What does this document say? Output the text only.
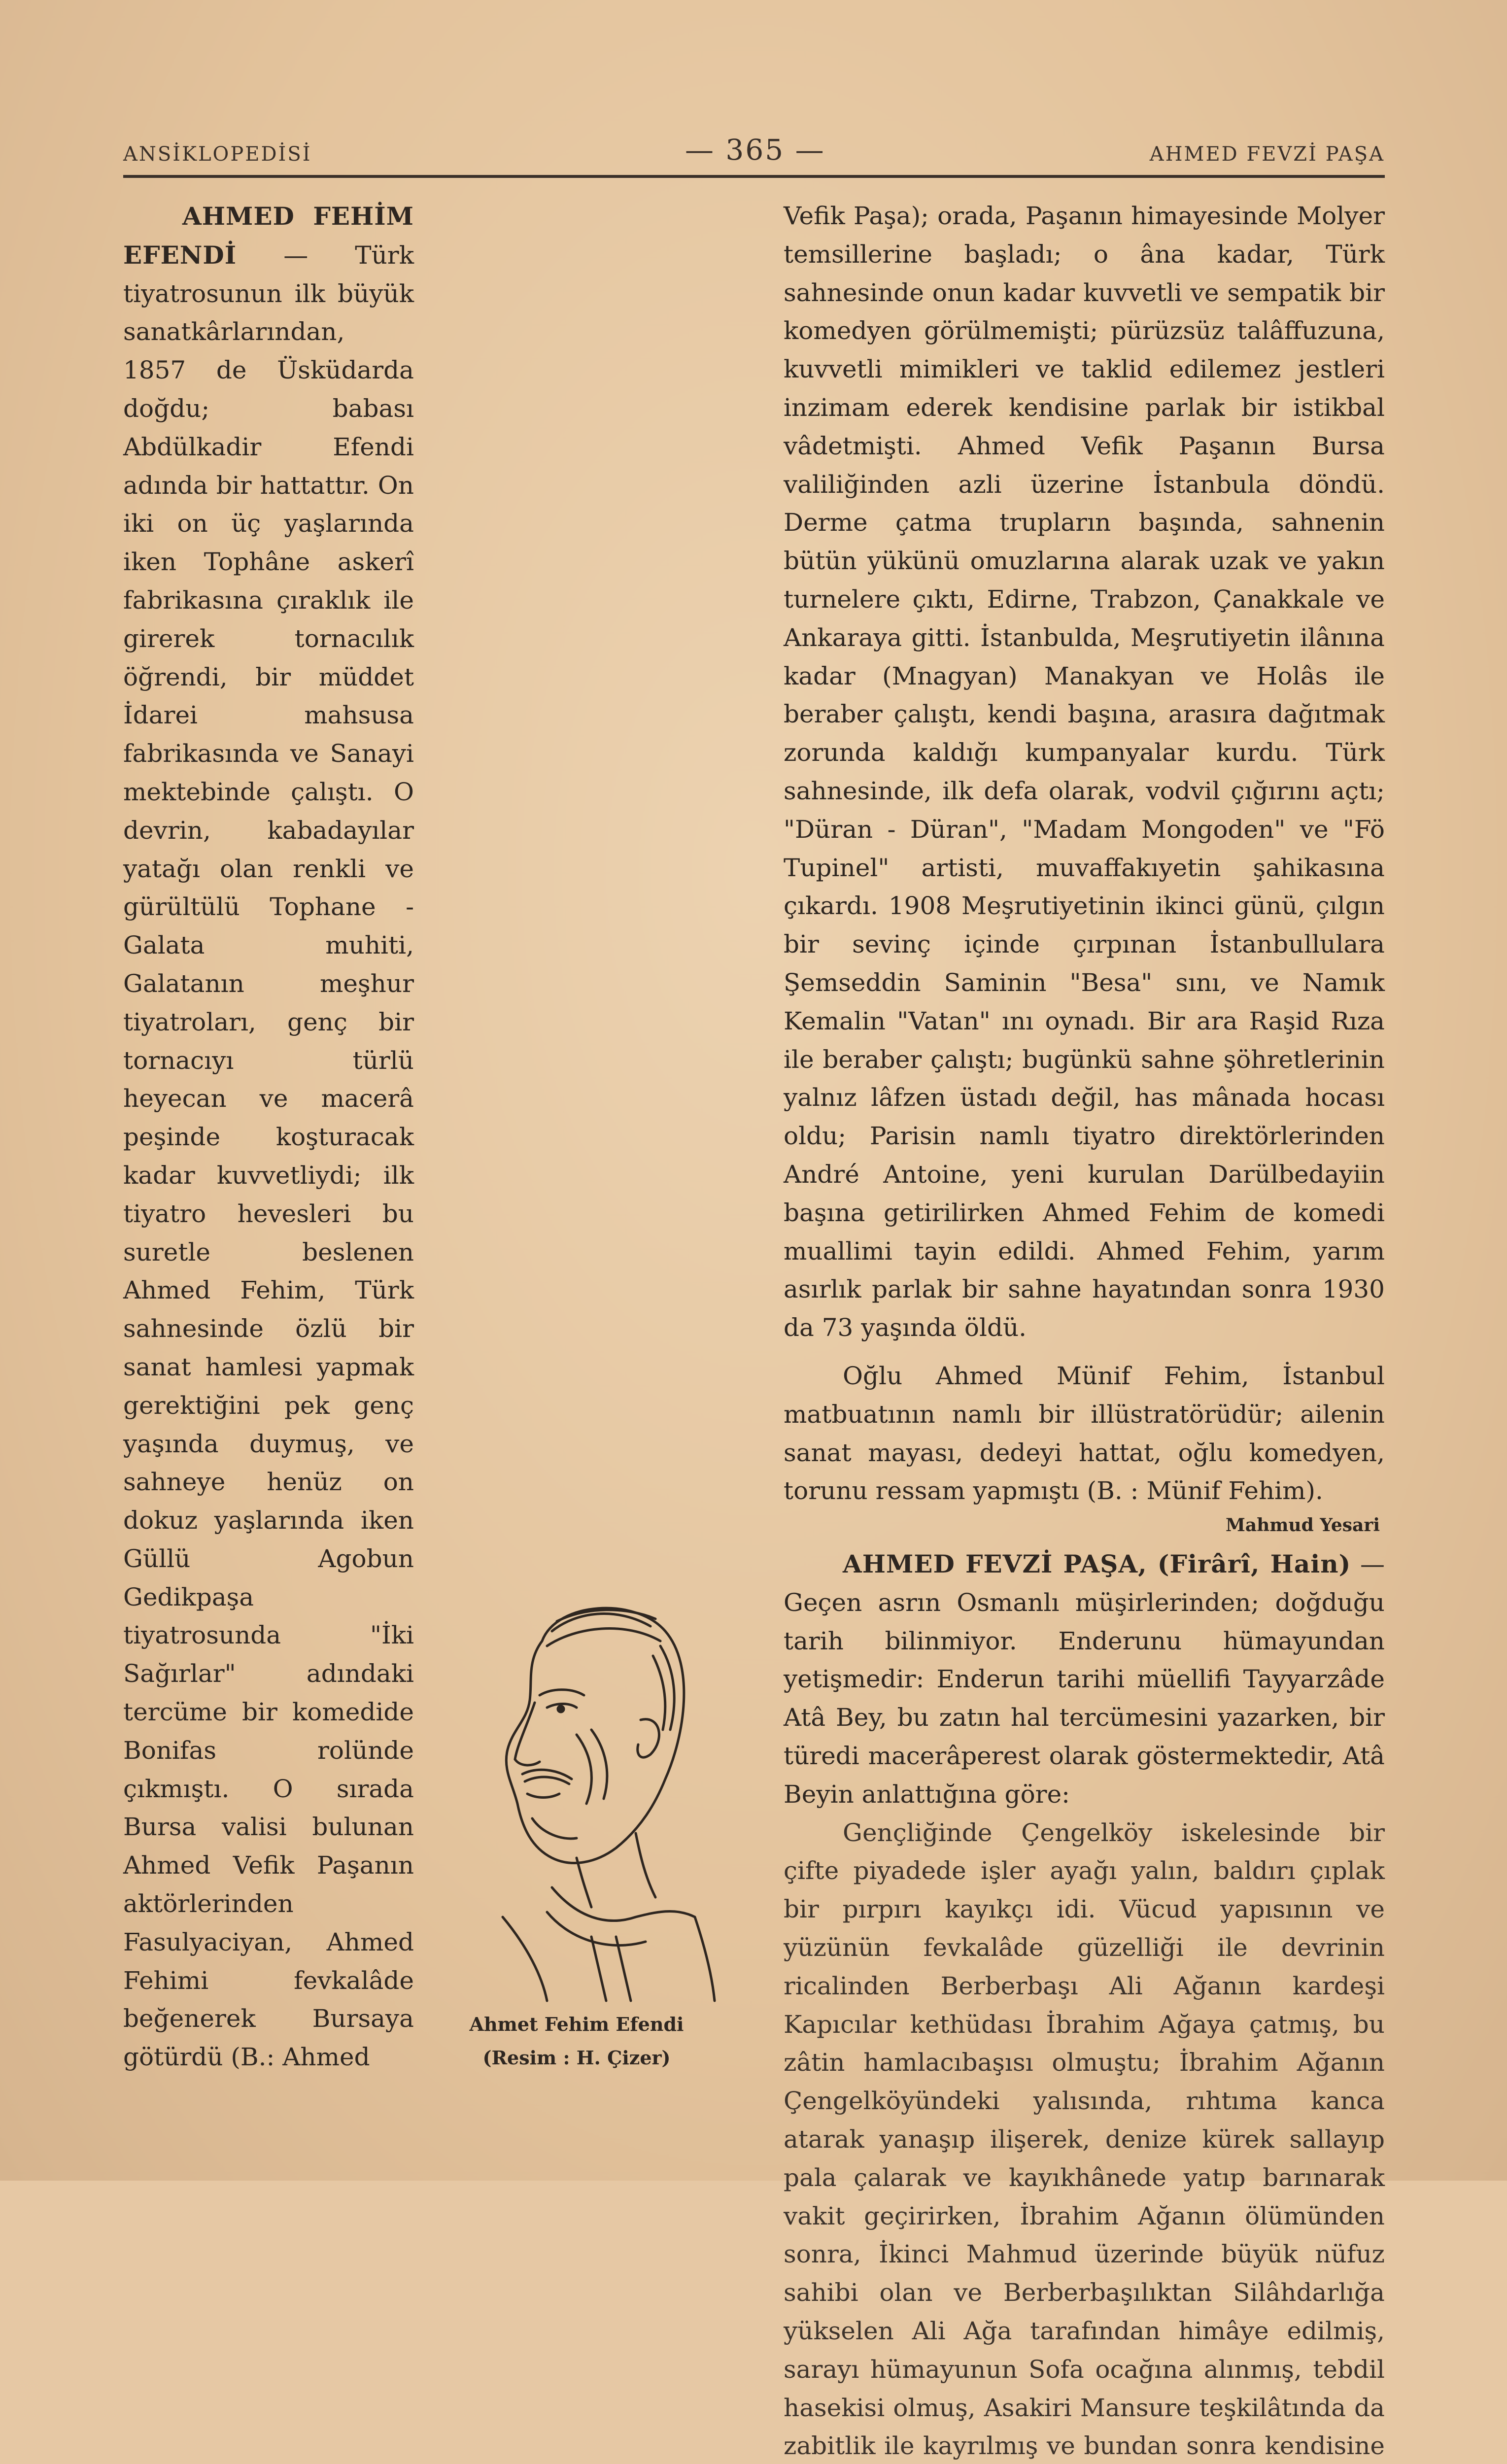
ANSİKLOPEDİSİ	— 365 —	AHMED FEVZİ PAŞA
Ahmet Fehim Efendi
(Resim : H. Çizer)

AHMED FEHİM EFENDİ — Türk tiyatrosunun ilk büyük sanatkârlarından, 1857 de Üsküdarda doğdu; babası Abdülkadir Efendi adında bir hattattır. On iki on üç yaşlarında iken Tophâne askerî fabrikasına çıraklık ile girerek tornacılık öğrendi, bir müddet İdarei mahsusa fabrikasında ve Sanayi mektebinde çalıştı. O devrin, kabadayılar yatağı olan renkli ve gürültülü Tophane - Galata muhiti, Galatanın meşhur tiyatroları, genç bir tornacıyı türlü heyecan ve macerâ peşinde koşturacak kadar kuvvetliydi; ilk tiyatro hevesleri bu suretle beslenen Ahmed Fehim, Türk sahnesinde özlü bir sanat hamlesi yapmak gerektiğini pek genç yaşında duymuş, ve sahneye henüz on dokuz yaşlarında iken Güllü Agobun Gedikpaşa tiyatrosunda "İki Sağırlar" adındaki tercüme bir komedide Bonifas rolünde çıkmıştı. O sırada Bursa valisi bulunan Ahmed Vefik Paşanın aktörlerinden Fasulyaciyan, Ahmed Fehimi fevkalâde beğenerek Bursaya götürdü (B.: Ahmed

Oğlu Ahmed Münif Fehim, İstanbul matbuatının namlı bir illüstratörüdür; ailenin sanat mayası, dedeyi hattat, oğlu komedyen, torunu ressam yapmıştı (B. : Münif Fehim).

Mahmud Yesari

AHMED FEVZİ PAŞA, (Firârî, Hain) — Geçen asrın Osmanlı müşirlerinden; doğduğu tarih bilinmiyor. Enderunu hümayundan yetişmedir: Enderun tarihi müellifi Tayyarzâde Atâ Bey, bu zatın hal tercümesini yazarken, bir türedi macerâperest olarak göstermektedir, Atâ Beyin anlattığına göre:

Gençliğinde Çengelköy iskelesinde bir çifte piyadede işler ayağı yalın, baldırı çıplak bir pırpırı kayıkçı idi. Vücud yapısının ve yüzünün fevkalâde güzelliği ile devrinin ricalinden Berberbaşı Ali Ağanın kardeşi Kapıcılar kethüdası İbrahim Ağaya çatmış, bu zâtin hamlacıbaşısı olmuştu; İbrahim Ağanın Çengelköyündeki yalısında, rıhtıma kanca atarak yanaşıp ilişerek, denize kürek sallayıp pala çalarak ve kayıkhânede yatıp barınarak vakit geçirirken, İbrahim Ağanın ölümünden sonra, İkinci Mahmud üzerinde büyük nüfuz sahibi olan ve Berberbaşılıktan Silâhdarlığa yükselen Ali Ağa tarafından himâye edilmiş, sarayı hümayunun Sofa ocağına alınmış, tebdil hasekisi olmuş, Asakiri Mansure teşkilâtında da zabitlik ile kayrılmış ve bundan sonra kendisine

Vefik Paşa); orada, Paşanın himayesinde Molyer temsillerine başladı; o âna kadar, Türk sahnesinde onun kadar kuvvetli ve sempatik bir komedyen görülmemişti; pürüzsüz talâffuzuna, kuvvetli mimikleri ve taklid edilemez jestleri inzimam ederek kendisine parlak bir istikbal vâdetmişti. Ahmed Vefik Paşanın Bursa valiliğinden azli üzerine İstanbula döndü. Derme çatma trupların başında, sahnenin bütün yükünü omuzlarına alarak uzak ve yakın turnelere çıktı, Edirne, Trabzon, Çanakkale ve Ankaraya gitti. İstanbulda, Meşrutiyetin ilânına kadar (Mnagyan) Manakyan ve Holâs ile beraber çalıştı, kendi başına, arasıra dağıtmak zorunda kaldığı kumpanyalar kurdu. Türk sahnesinde, ilk defa olarak, vodvil çığırını açtı; "Düran - Düran", "Madam Mongoden" ve "Fö Tupinel" artisti, muvaffakıyetin şahikasına çıkardı. 1908 Meşrutiyetinin ikinci günü, çılgın bir sevinç içinde çırpınan İstanbullulara Şemseddin Saminin "Besa" sını, ve Namık Kemalin "Vatan" ını oynadı. Bir ara Raşid Rıza ile beraber çalıştı; bugünkü sahne şöhretlerinin yalnız lâfzen üstadı değil, has mânada hocası oldu; Parisin namlı tiyatro direktörlerinden André Antoine, yeni kurulan Darülbedayiin başına getirilirken Ahmed Fehim de komedi muallimi tayin edildi. Ahmed Fehim, yarım asırlık parlak bir sahne hayatından sonra 1930 da 73 yaşında öldü.
